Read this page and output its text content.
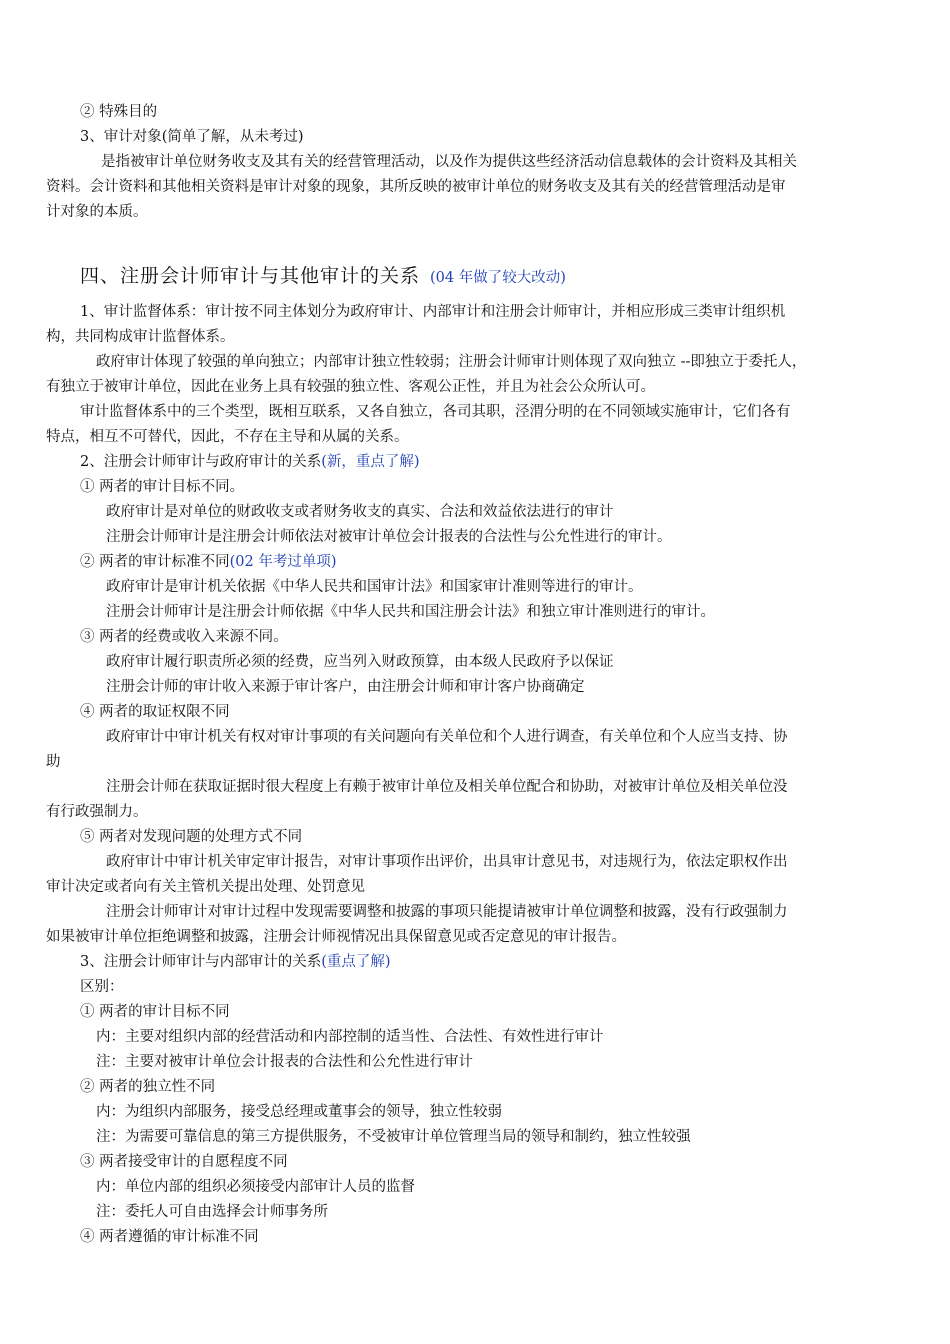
② 特殊目的
3、审计对象(简单了解，从未考过)
是指被审计单位财务收支及其有关的经营管理活动，以及作为提供这些经济活动信息载体的会计资料及其相关
资料。会计资料和其他相关资料是审计对象的现象，其所反映的被审计单位的财务收支及其有关的经营管理活动是审
计对象的本质。
四、注册会计师审计与其他审计的关系 (04 年做了较大改动)
1、审计监督体系：审计按不同主体划分为政府审计、内部审计和注册会计师审计，并相应形成三类审计组织机
构，共同构成审计监督体系。
政府审计体现了较强的单向独立；内部审计独立性较弱；注册会计师审计则体现了双向独立 --即独立于委托人，
有独立于被审计单位，因此在业务上具有较强的独立性、客观公正性，并且为社会公众所认可。
审计监督体系中的三个类型，既相互联系，又各自独立，各司其职，泾渭分明的在不同领域实施审计，它们各有
特点，相互不可替代，因此，不存在主导和从属的关系。
2、注册会计师审计与政府审计的关系(新，重点了解)
① 两者的审计目标不同。
政府审计是对单位的财政收支或者财务收支的真实、合法和效益依法进行的审计
注册会计师审计是注册会计师依法对被审计单位会计报表的合法性与公允性进行的审计。
② 两者的审计标准不同(02 年考过单项)
政府审计是审计机关依据《中华人民共和国审计法》和国家审计准则等进行的审计。
注册会计师审计是注册会计师依据《中华人民共和国注册会计法》和独立审计准则进行的审计。
③ 两者的经费或收入来源不同。
政府审计履行职责所必须的经费，应当列入财政预算，由本级人民政府予以保证
注册会计师的审计收入来源于审计客户，由注册会计师和审计客户协商确定
④ 两者的取证权限不同
政府审计中审计机关有权对审计事项的有关问题向有关单位和个人进行调查，有关单位和个人应当支持、协
助
注册会计师在获取证据时很大程度上有赖于被审计单位及相关单位配合和协助，对被审计单位及相关单位没
有行政强制力。
⑤ 两者对发现问题的处理方式不同
政府审计中审计机关审定审计报告，对审计事项作出评价，出具审计意见书，对违规行为，依法定职权作出
审计决定或者向有关主管机关提出处理、处罚意见
注册会计师审计对审计过程中发现需要调整和披露的事项只能提请被审计单位调整和披露，没有行政强制力
如果被审计单位拒绝调整和披露，注册会计师视情况出具保留意见或否定意见的审计报告。
3、注册会计师审计与内部审计的关系(重点了解)
区别：
① 两者的审计目标不同
内：主要对组织内部的经营活动和内部控制的适当性、合法性、有效性进行审计
注：主要对被审计单位会计报表的合法性和公允性进行审计
② 两者的独立性不同
内：为组织内部服务，接受总经理或董事会的领导，独立性较弱
注：为需要可靠信息的第三方提供服务，不受被审计单位管理当局的领导和制约，独立性较强
③ 两者接受审计的自愿程度不同
内：单位内部的组织必须接受内部审计人员的监督
注：委托人可自由选择会计师事务所
④ 两者遵循的审计标准不同
